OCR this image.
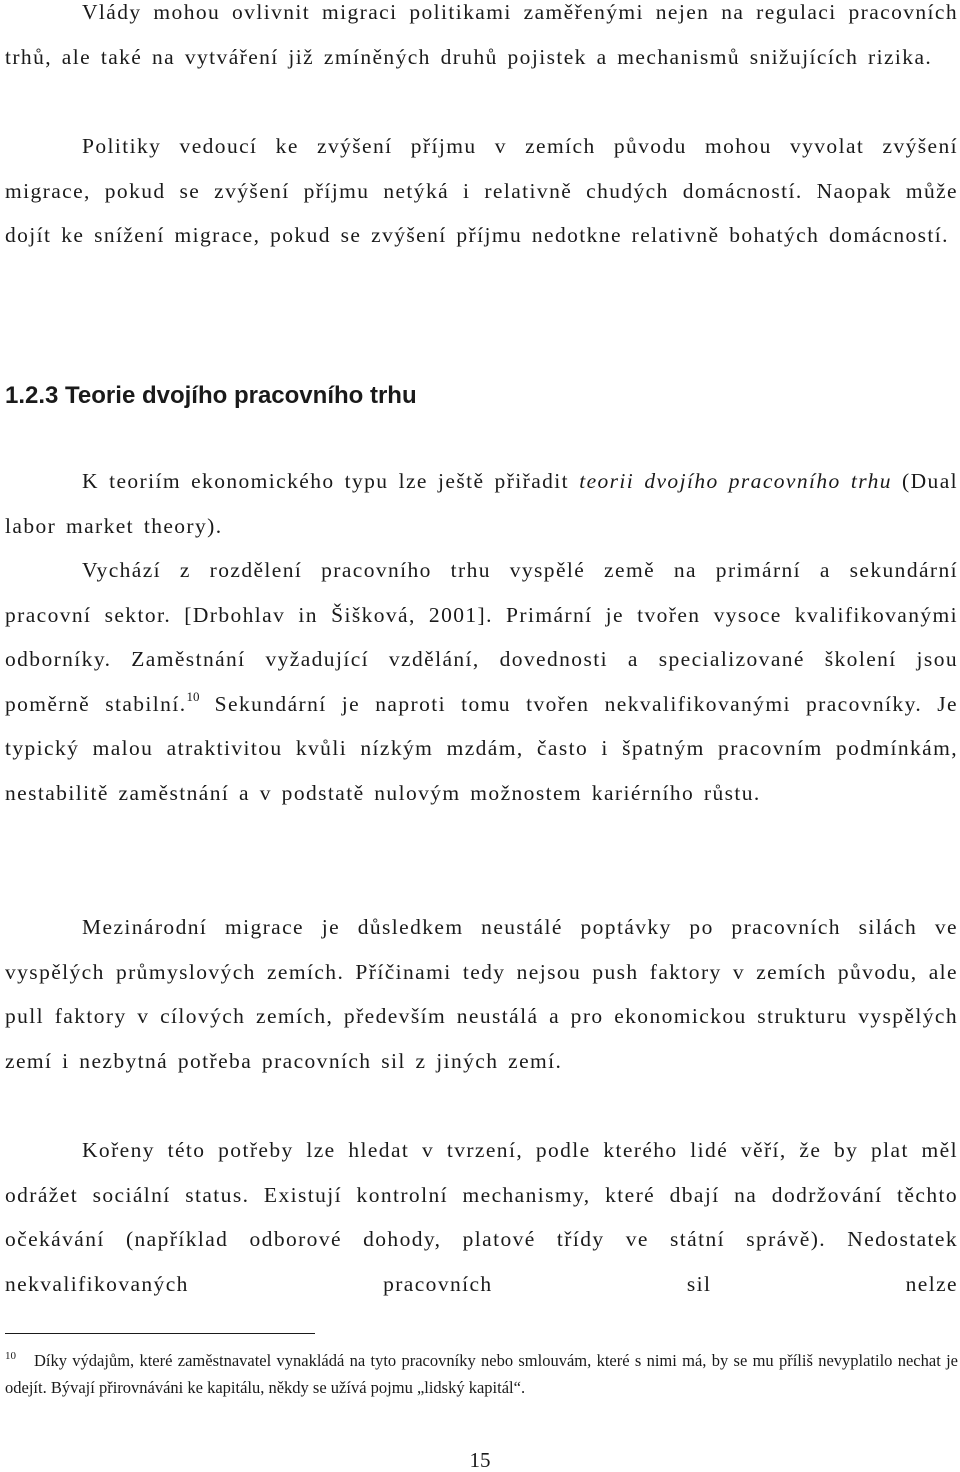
Vlády mohou ovlivnit migraci politikami zaměřenými nejen na regulaci pracovních trhů, ale také na vytváření již zmíněných druhů pojistek a mechanismů snižujících rizika.

Politiky vedoucí ke zvýšení příjmu v zemích původu mohou vyvolat zvýšení migrace, pokud se zvýšení příjmu netýká i relativně chudých domácností. Naopak může dojít ke snížení migrace, pokud se zvýšení příjmu nedotkne relativně bohatých domácností.

1.2.3 Teorie dvojího pracovního trhu

K teoriím ekonomického typu lze ještě přiřadit teorii dvojího pracovního trhu (Dual labor market theory).

Vychází z rozdělení pracovního trhu vyspělé země na primární a sekundární pracovní sektor. [Drbohlav in Šišková, 2001]. Primární je tvořen vysoce kvalifikovanými odborníky. Zaměstnání vyžadující vzdělání, dovednosti a specializované školení jsou poměrně stabilní.$^{10}$ Sekundární je naproti tomu tvořen nekvalifikovanými pracovníky. Je typický malou atraktivitou kvůli nízkým mzdám, často i špatným pracovním podmínkám, nestabilitě zaměstnání a v podstatě nulovým možnostem kariérního růstu.

Mezinárodní migrace je důsledkem neustálé poptávky po pracovních silách ve vyspělých průmyslových zemích. Příčinami tedy nejsou push faktory v zemích původu, ale pull faktory v cílových zemích, především neustálá a pro ekonomickou strukturu vyspělých zemí i nezbytná potřeba pracovních sil z jiných zemí.

Kořeny této potřeby lze hledat v tvrzení, podle kterého lidé věří, že by plat měl odrážet sociální status. Existují kontrolní mechanismy, které dbají na dodržování těchto očekávání (například odborové dohody, platové třídy ve státní správě). Nedostatek nekvalifikovaných pracovních sil nelze

$^{10}$ Díky výdajům, které zaměstnavatel vynakládá na tyto pracovníky nebo smlouvám, které s nimi má, by se mu příliš nevyplatilo nechat je odejít. Bývají přirovnáváni ke kapitálu, někdy se užívá pojmu „lidský kapitál“.

15
